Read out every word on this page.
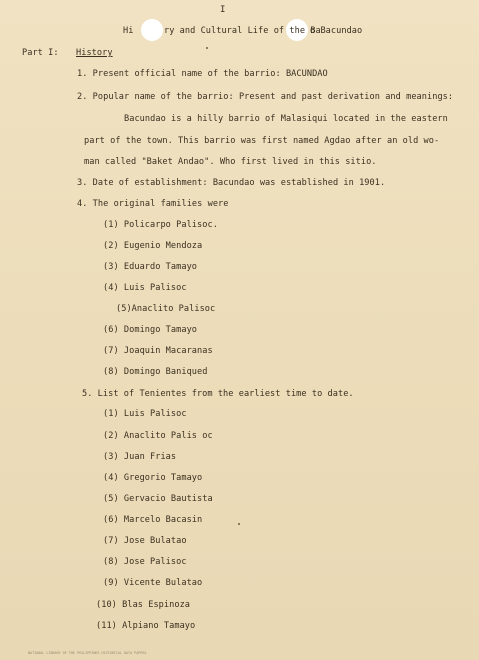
I
Hi	ry and Cultural Life of the Ba
o Bacundao
Part I: History
1. Present official name of the barrio: BACUNDAO
2. Popular name of the barrio: Present and past derivation and meanings:
Bacundao is a hilly barrio of Malasiqui located in the eastern
part of the town. This barrio was first named Agdao after an old wo-
man called "Baket Andao". Who first lived in this sitio.
3. Date of establishment: Bacundao was established in 1901.
4. The original families were
(1) Policarpo Palisoc.
(2) Eugenio Mendoza
(3) Eduardo Tamayo
(4) Luis Palisoc
(5)Anaclito Palisoc
(6) Domingo Tamayo
(7) Joaquin Macaranas
(8) Domingo Baniqued
5. List of Tenientes from the earliest time to date.
(1) Luis Palisoc
(2) Anaclito Palis oc
(3) Juan Frias
(4) Gregorio Tamayo
(5) Gervacio Bautista
(6) Marcelo Bacasin
(7) Jose Bulatao
(8) Jose Palisoc
(9) Vicente Bulatao
(10) Blas Espinoza
(11) Alpiano Tamayo
NATIONAL LIBRARY OF THE PHILIPPINES HISTORICAL DATA PAPERS
